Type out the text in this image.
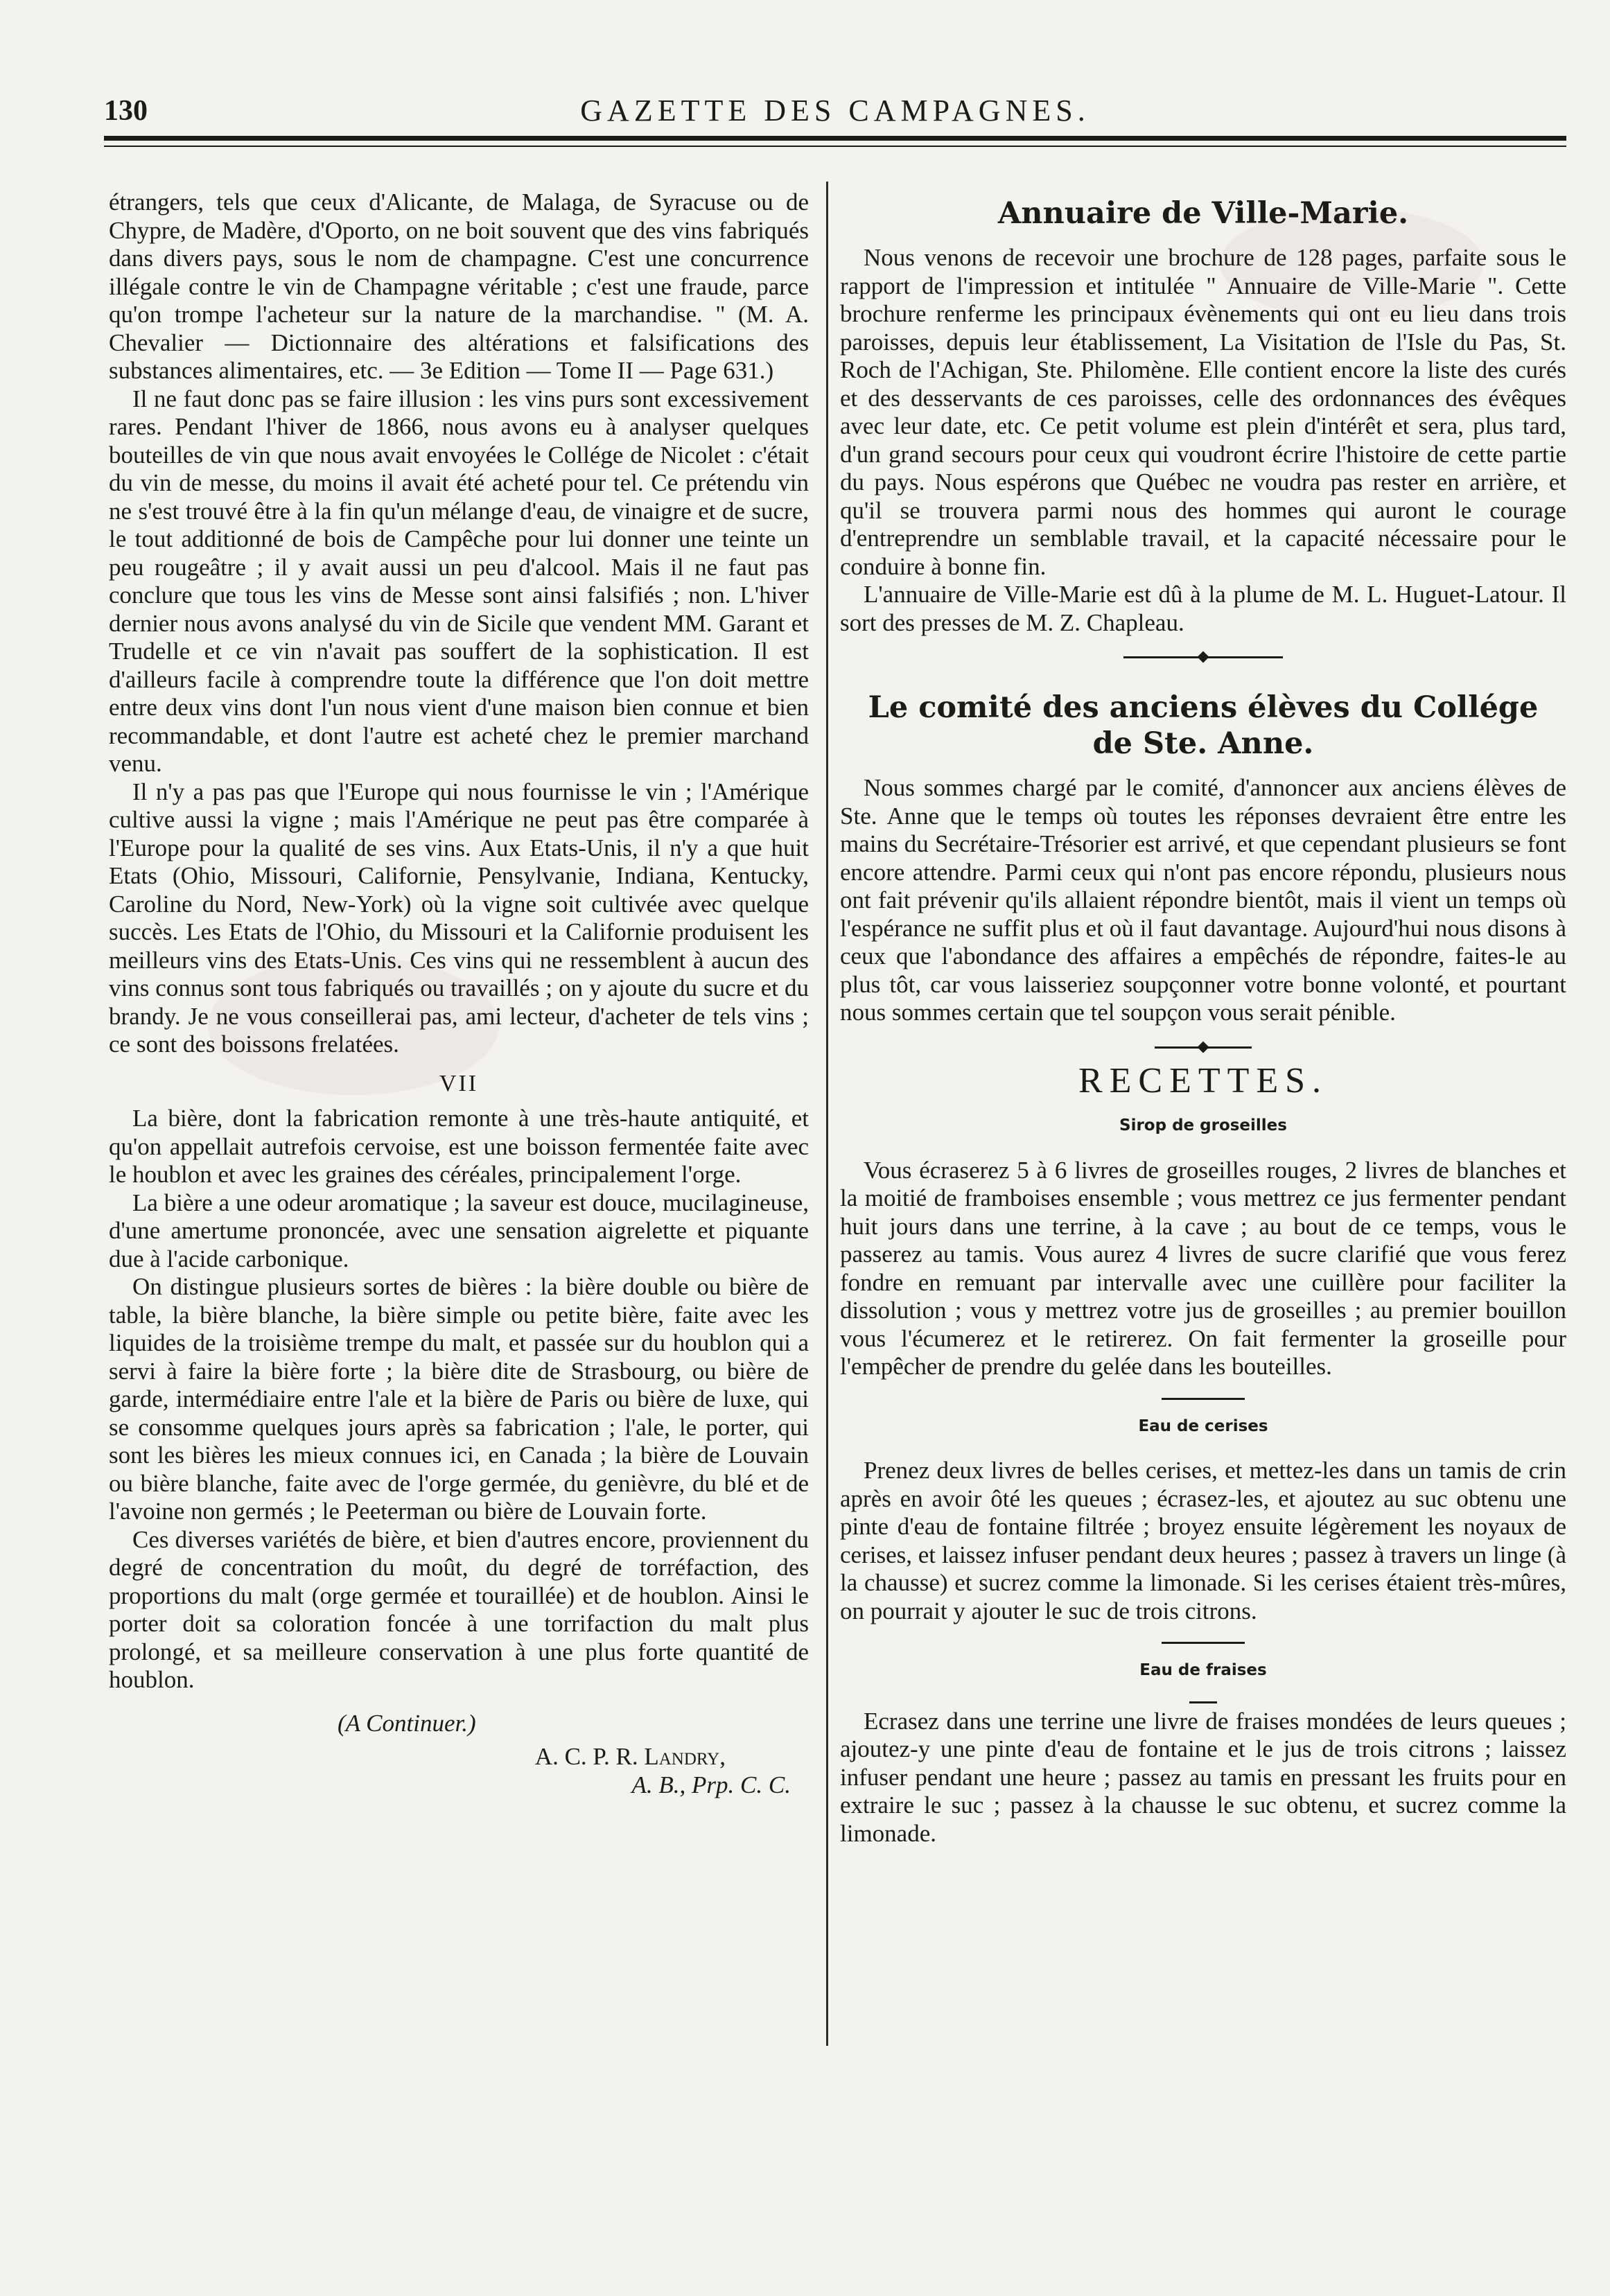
130	GAZETTE DES CAMPAGNES.

étrangers, tels que ceux d'Alicante, de Malaga, de Syracuse ou de Chypre, de Madère, d'Oporto, on ne boit souvent que des vins fabriqués dans divers pays, sous le nom de champagne. C'est une concurrence illégale contre le vin de Champagne véritable ; c'est une fraude, parce qu'on trompe l'acheteur sur la nature de la marchandise. " (M. A. Chevalier — Dictionnaire des altérations et falsifications des substances alimentaires, etc. — 3e Edition — Tome II — Page 631.)

Il ne faut donc pas se faire illusion : les vins purs sont excessivement rares. Pendant l'hiver de 1866, nous avons eu à analyser quelques bouteilles de vin que nous avait envoyées le Collége de Nicolet : c'était du vin de messe, du moins il avait été acheté pour tel. Ce prétendu vin ne s'est trouvé être à la fin qu'un mélange d'eau, de vinaigre et de sucre, le tout additionné de bois de Campêche pour lui donner une teinte un peu rougeâtre ; il y avait aussi un peu d'alcool. Mais il ne faut pas conclure que tous les vins de Messe sont ainsi falsifiés ; non. L'hiver dernier nous avons analysé du vin de Sicile que vendent MM. Garant et Trudelle et ce vin n'avait pas souffert de la sophistication. Il est d'ailleurs facile à comprendre toute la différence que l'on doit mettre entre deux vins dont l'un nous vient d'une maison bien connue et bien recommandable, et dont l'autre est acheté chez le premier marchand venu.

Il n'y a pas pas que l'Europe qui nous fournisse le vin ; l'Amérique cultive aussi la vigne ; mais l'Amérique ne peut pas être comparée à l'Europe pour la qualité de ses vins. Aux Etats-Unis, il n'y a que huit Etats (Ohio, Missouri, Californie, Pensylvanie, Indiana, Kentucky, Caroline du Nord, New-York) où la vigne soit cultivée avec quelque succès. Les Etats de l'Ohio, du Missouri et la Californie produisent les meilleurs vins des Etats-Unis. Ces vins qui ne ressemblent à aucun des vins connus sont tous fabriqués ou travaillés ; on y ajoute du sucre et du brandy. Je ne vous conseillerai pas, ami lecteur, d'acheter de tels vins ; ce sont des boissons frelatées.

VII

La bière, dont la fabrication remonte à une très-haute antiquité, et qu'on appellait autrefois cervoise, est une boisson fermentée faite avec le houblon et avec les graines des céréales, principalement l'orge.

La bière a une odeur aromatique ; la saveur est douce, mucilagineuse, d'une amertume prononcée, avec une sensation aigrelette et piquante due à l'acide carbonique.

On distingue plusieurs sortes de bières : la bière double ou bière de table, la bière blanche, la bière simple ou petite bière, faite avec les liquides de la troisième trempe du malt, et passée sur du houblon qui a servi à faire la bière forte ; la bière dite de Strasbourg, ou bière de garde, intermédiaire entre l'ale et la bière de Paris ou bière de luxe, qui se consomme quelques jours après sa fabrication ; l'ale, le porter, qui sont les bières les mieux connues ici, en Canada ; la bière de Louvain ou bière blanche, faite avec de l'orge germée, du genièvre, du blé et de l'avoine non germés ; le Peeterman ou bière de Louvain forte.

Ces diverses variétés de bière, et bien d'autres encore, proviennent du degré de concentration du moût, du degré de torréfaction, des proportions du malt (orge germée et touraillée) et de houblon. Ainsi le porter doit sa coloration foncée à une torrifaction du malt plus prolongé, et sa meilleure conservation à une plus forte quantité de houblon.

(A Continuer.)

A. C. P. R. Landry,

A. B., Prp. C. C.

Annuaire de Ville-Marie.

Nous venons de recevoir une brochure de 128 pages, parfaite sous le rapport de l'impression et intitulée " Annuaire de Ville-Marie ". Cette brochure renferme les principaux évènements qui ont eu lieu dans trois paroisses, depuis leur établissement, La Visitation de l'Isle du Pas, St. Roch de l'Achigan, Ste. Philomène. Elle contient encore la liste des curés et des desservants de ces paroisses, celle des ordonnances des évêques avec leur date, etc. Ce petit volume est plein d'intérêt et sera, plus tard, d'un grand secours pour ceux qui voudront écrire l'histoire de cette partie du pays. Nous espérons que Québec ne voudra pas rester en arrière, et qu'il se trouvera parmi nous des hommes qui auront le courage d'entreprendre un semblable travail, et la capacité nécessaire pour le conduire à bonne fin.

L'annuaire de Ville-Marie est dû à la plume de M. L. Huguet-Latour. Il sort des presses de M. Z. Chapleau.

Le comité des anciens élèves du Collége
de Ste. Anne.

Nous sommes chargé par le comité, d'annoncer aux anciens élèves de Ste. Anne que le temps où toutes les réponses devraient être entre les mains du Secrétaire-Trésorier est arrivé, et que cependant plusieurs se font encore attendre. Parmi ceux qui n'ont pas encore répondu, plusieurs nous ont fait prévenir qu'ils allaient répondre bientôt, mais il vient un temps où l'espérance ne suffit plus et où il faut davantage. Aujourd'hui nous disons à ceux que l'abondance des affaires a empêchés de répondre, faites-le au plus tôt, car vous laisseriez soupçonner votre bonne volonté, et pourtant nous sommes certain que tel soupçon vous serait pénible.

RECETTES.
Sirop de groseilles

Vous écraserez 5 à 6 livres de groseilles rouges, 2 livres de blanches et la moitié de framboises ensemble ; vous mettrez ce jus fermenter pendant huit jours dans une terrine, à la cave ; au bout de ce temps, vous le passerez au tamis. Vous aurez 4 livres de sucre clarifié que vous ferez fondre en remuant par intervalle avec une cuillère pour faciliter la dissolution ; vous y mettrez votre jus de groseilles ; au premier bouillon vous l'écumerez et le retirerez. On fait fermenter la groseille pour l'empêcher de prendre du gelée dans les bouteilles.

Eau de cerises

Prenez deux livres de belles cerises, et mettez-les dans un tamis de crin après en avoir ôté les queues ; écrasez-les, et ajoutez au suc obtenu une pinte d'eau de fontaine filtrée ; broyez ensuite légèrement les noyaux de cerises, et laissez infuser pendant deux heures ; passez à travers un linge (à la chausse) et sucrez comme la limonade. Si les cerises étaient très-mûres, on pourrait y ajouter le suc de trois citrons.

Eau de fraises

Ecrasez dans une terrine une livre de fraises mondées de leurs queues ; ajoutez-y une pinte d'eau de fontaine et le jus de trois citrons ; laissez infuser pendant une heure ; passez au tamis en pressant les fruits pour en extraire le suc ; passez à la chausse le suc obtenu, et sucrez comme la limonade.
